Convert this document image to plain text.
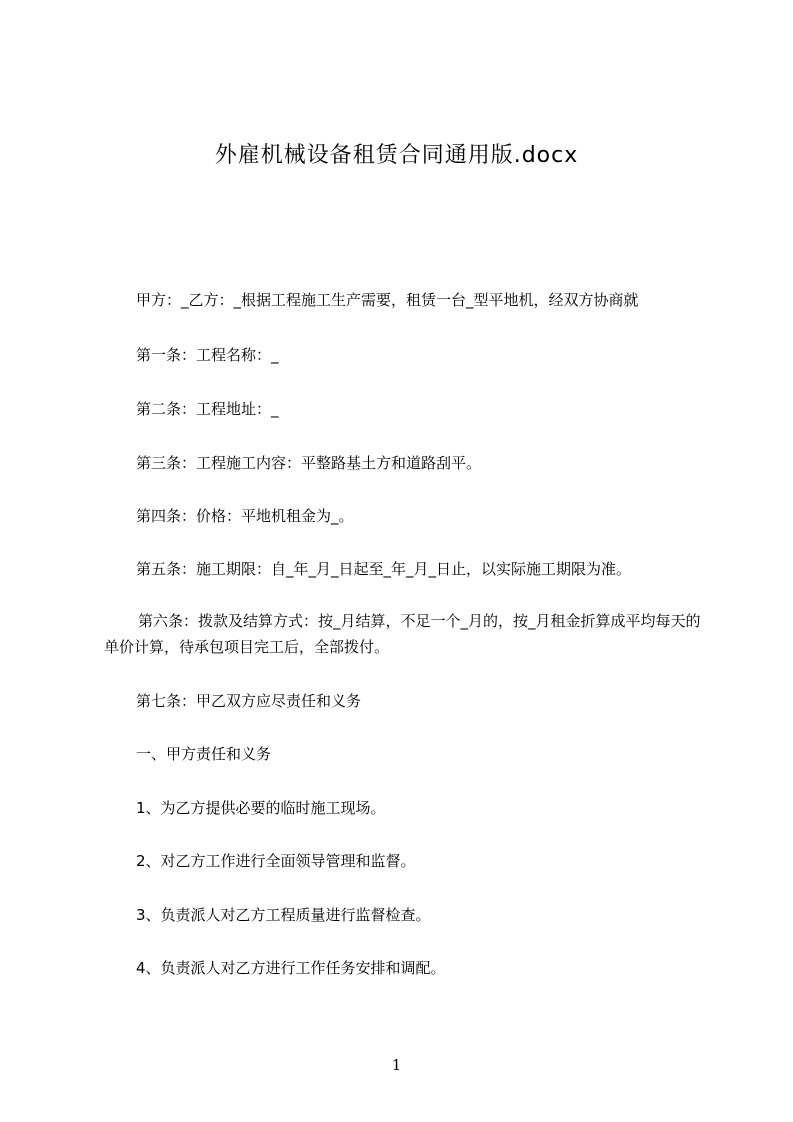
外雇机械设备租赁合同通用版.docx
甲方：_乙方：_根据工程施工生产需要，租赁一台_型平地机，经双方协商就
第一条：工程名称：_
第二条：工程地址：_
第三条：工程施工内容：平整路基土方和道路刮平。
第四条：价格：平地机租金为_。
第五条：施工期限：自_年_月_日起至_年_月_日止，以实际施工期限为准。
第六条：拨款及结算方式：按_月结算，不足一个_月的，按_月租金折算成平均每天的单价计算，待承包项目完工后，全部拨付。
第七条：甲乙双方应尽责任和义务
一、甲方责任和义务
1、为乙方提供必要的临时施工现场。
2、对乙方工作进行全面领导管理和监督。
3、负责派人对乙方工程质量进行监督检查。
4、负责派人对乙方进行工作任务安排和调配。
1
